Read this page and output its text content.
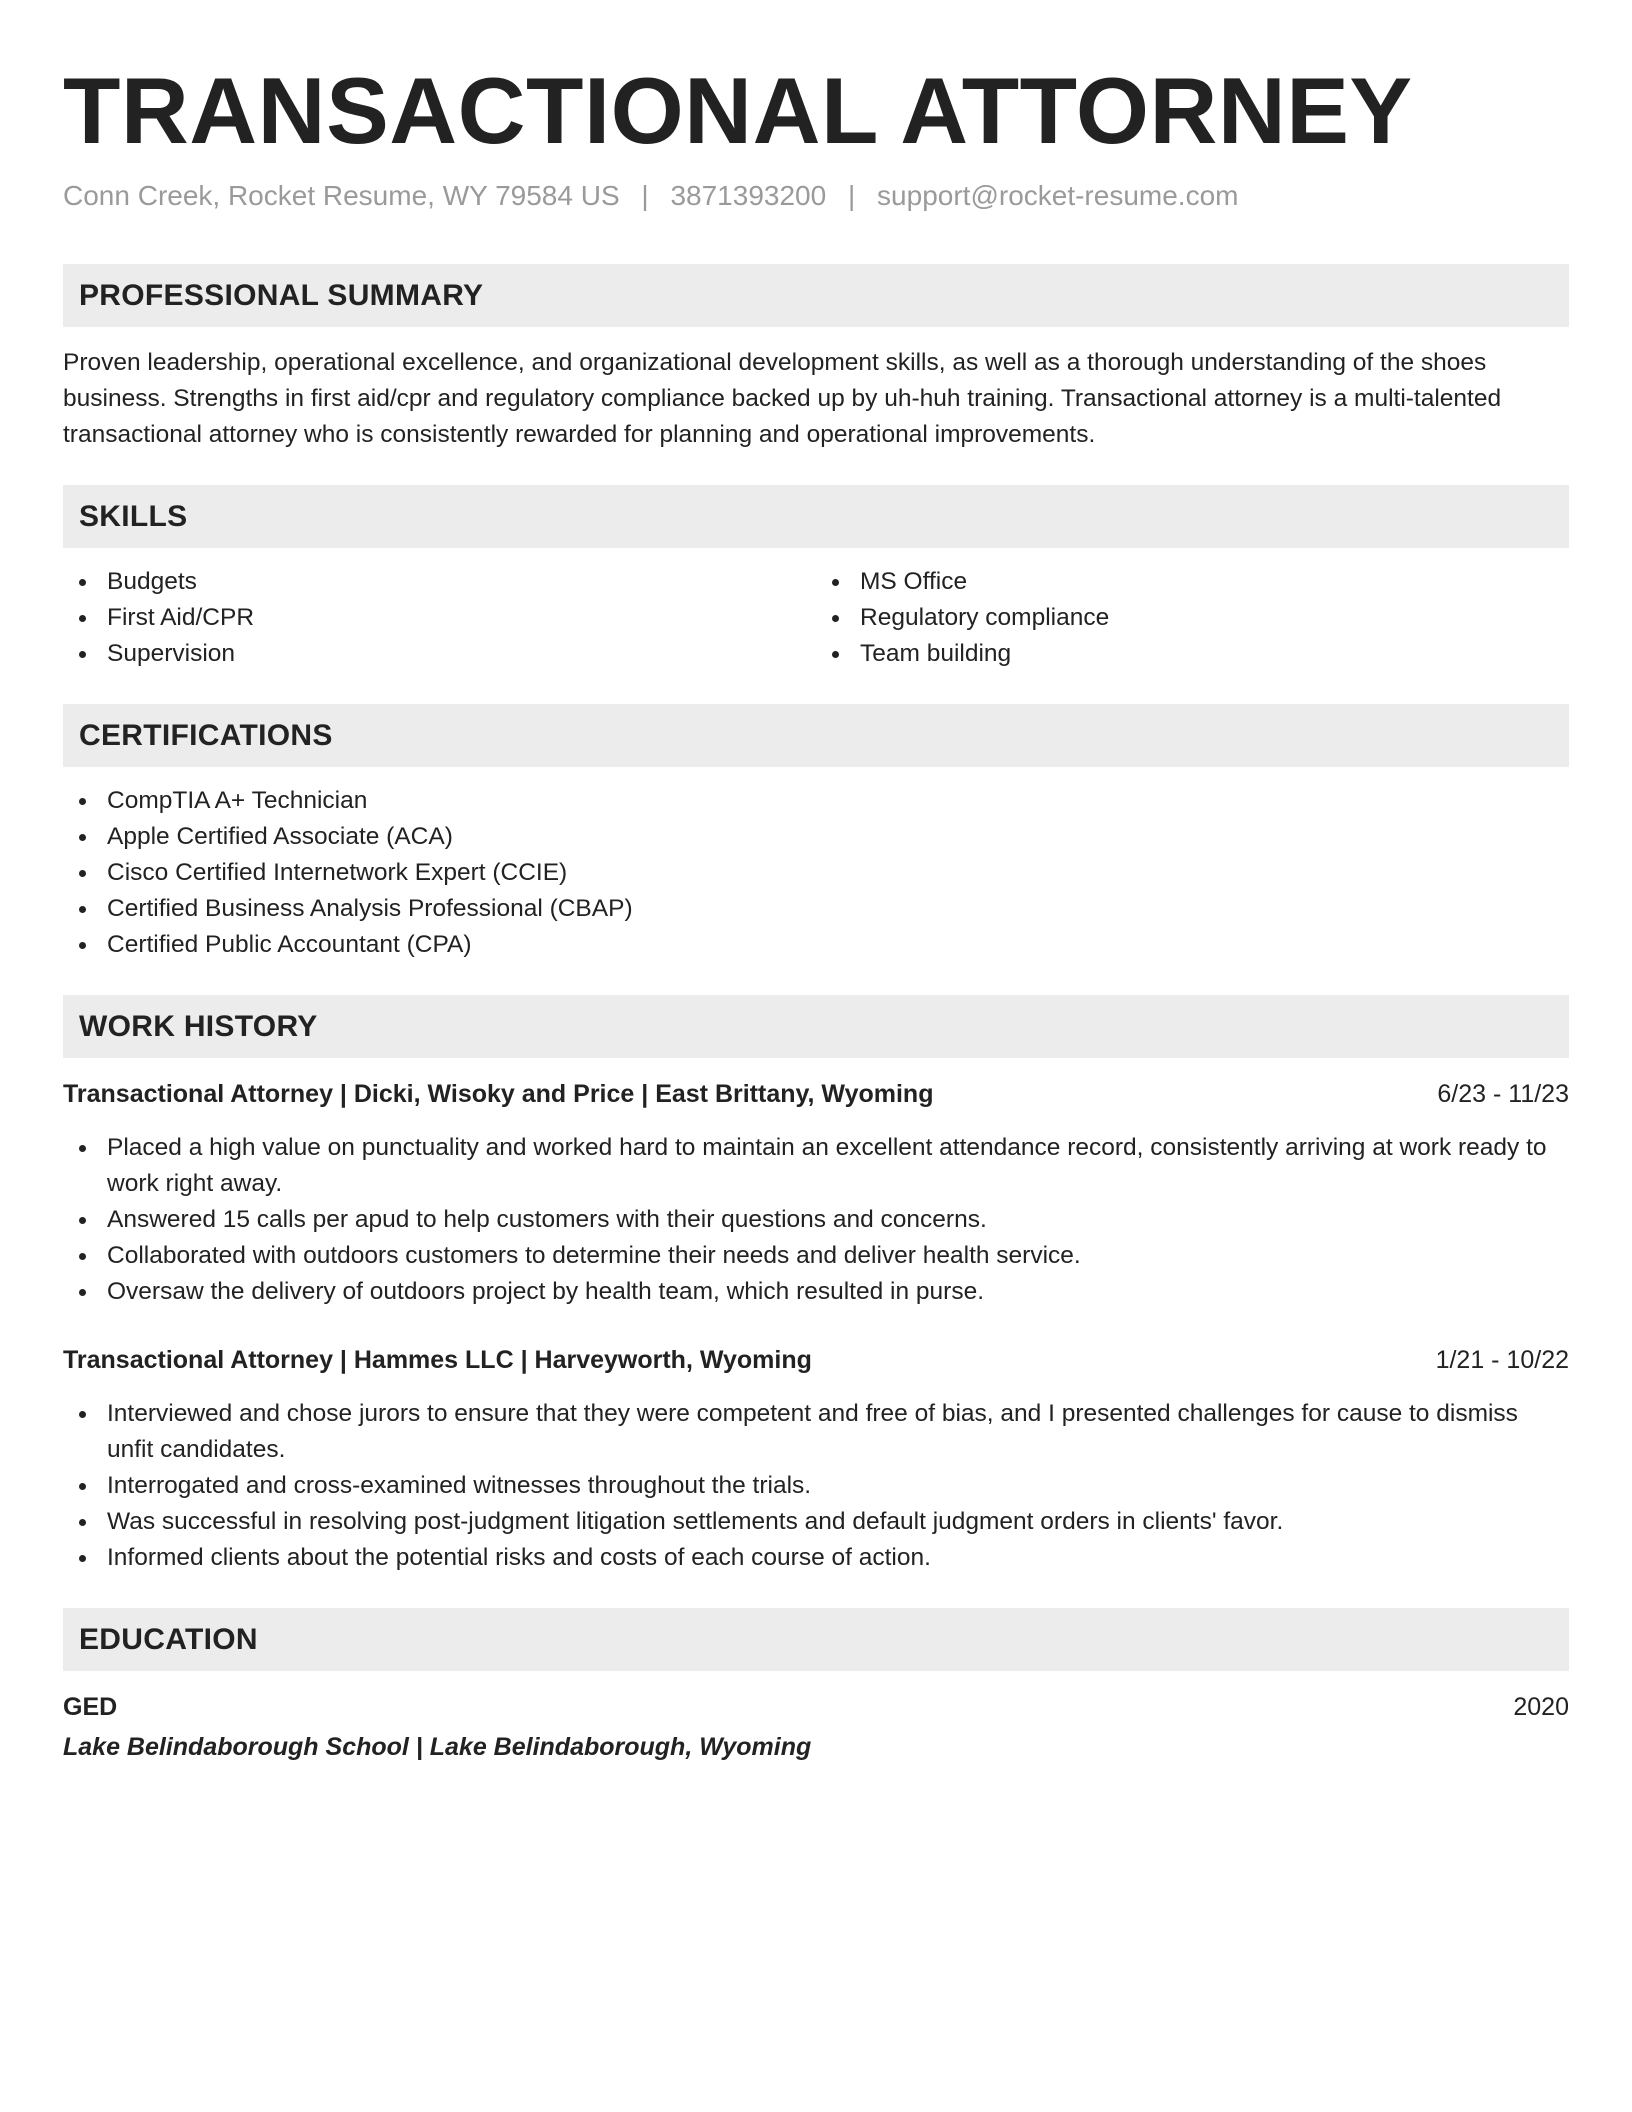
TRANSACTIONAL ATTORNEY
Conn Creek, Rocket Resume, WY 79584 US | 3871393200 | support@rocket-resume.com
PROFESSIONAL SUMMARY

Proven leadership, operational excellence, and organizational development skills, as well as a thorough understanding of the shoes business. Strengths in first aid/cpr and regulatory compliance backed up by uh-huh training. Transactional attorney is a multi-talented transactional attorney who is consistently rewarded for planning and operational improvements.

SKILLS
Budgets
First Aid/CPR
Supervision
MS Office
Regulatory compliance
Team building
CERTIFICATIONS
CompTIA A+ Technician
Apple Certified Associate (ACA)
Cisco Certified Internetwork Expert (CCIE)
Certified Business Analysis Professional (CBAP)
Certified Public Accountant (CPA)
WORK HISTORY
Transactional Attorney | Dicki, Wisoky and Price | East Brittany, Wyoming	6/23 - 11/23
Placed a high value on punctuality and worked hard to maintain an excellent attendance record, consistently arriving at work ready to work right away.
Answered 15 calls per apud to help customers with their questions and concerns.
Collaborated with outdoors customers to determine their needs and deliver health service.
Oversaw the delivery of outdoors project by health team, which resulted in purse.
Transactional Attorney | Hammes LLC | Harveyworth, Wyoming	1/21 - 10/22
Interviewed and chose jurors to ensure that they were competent and free of bias, and I presented challenges for cause to dismiss unfit candidates.
Interrogated and cross-examined witnesses throughout the trials.
Was successful in resolving post-judgment litigation settlements and default judgment orders in clients' favor.
Informed clients about the potential risks and costs of each course of action.
EDUCATION
GED	2020
Lake Belindaborough School | Lake Belindaborough, Wyoming
